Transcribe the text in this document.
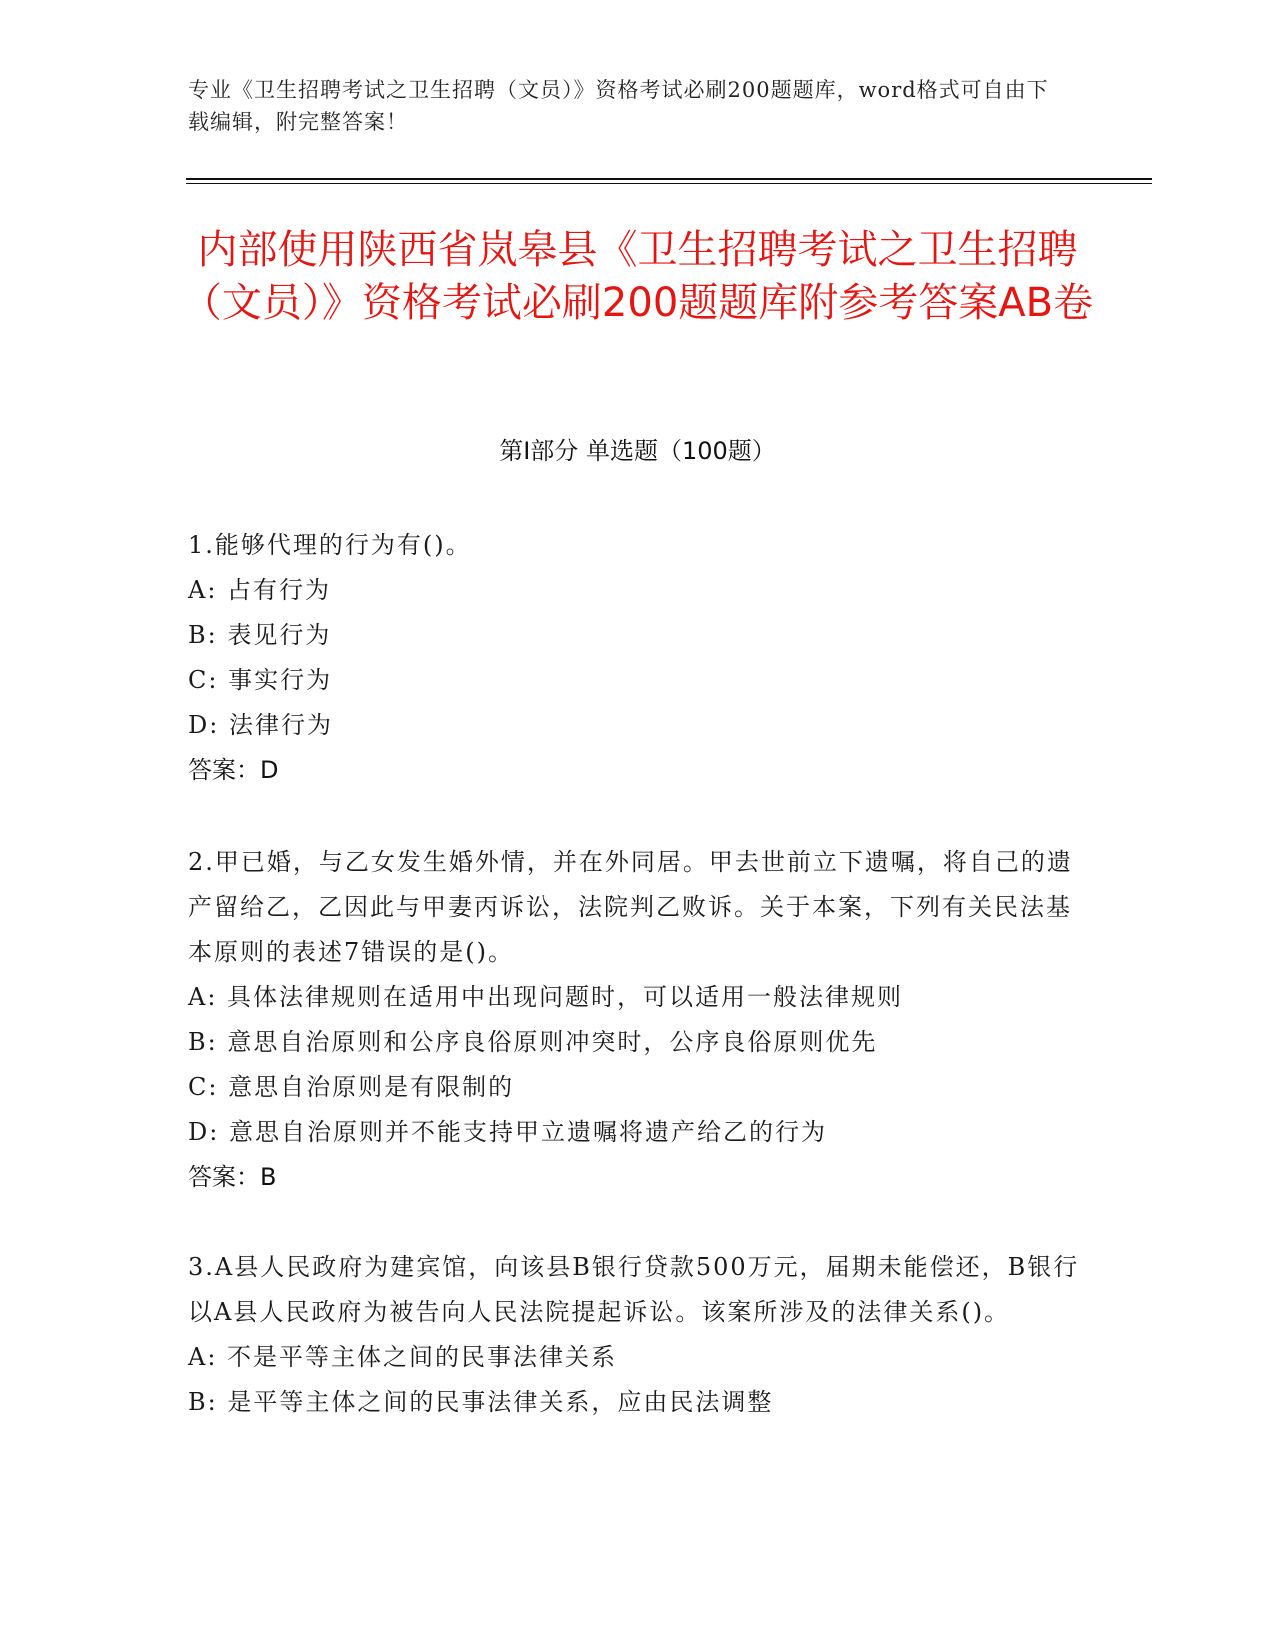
专业《卫生招聘考试之卫生招聘（文员）》资格考试必刷200题题库，word格式可自由下载编辑，附完整答案！
内部使用陕西省岚皋县《卫生招聘考试之卫生招聘（文员）》资格考试必刷200题题库附参考答案AB卷
第I部分 单选题（100题）

1.能够代理的行为有()。

A: 占有行为

B: 表见行为

C: 事实行为

D: 法律行为

答案：D

2.甲已婚，与乙女发生婚外情，并在外同居。甲去世前立下遗嘱，将自己的遗产留给乙，乙因此与甲妻丙诉讼，法院判乙败诉。关于本案，下列有关民法基本原则的表述7错误的是()。

A: 具体法律规则在适用中出现问题时，可以适用一般法律规则

B: 意思自治原则和公序良俗原则冲突时，公序良俗原则优先

C: 意思自治原则是有限制的

D: 意思自治原则并不能支持甲立遗嘱将遗产给乙的行为

答案：B

3.A县人民政府为建宾馆，向该县B银行贷款500万元，届期未能偿还，B银行以A县人民政府为被告向人民法院提起诉讼。该案所涉及的法律关系()。

A: 不是平等主体之间的民事法律关系

B: 是平等主体之间的民事法律关系，应由民法调整
